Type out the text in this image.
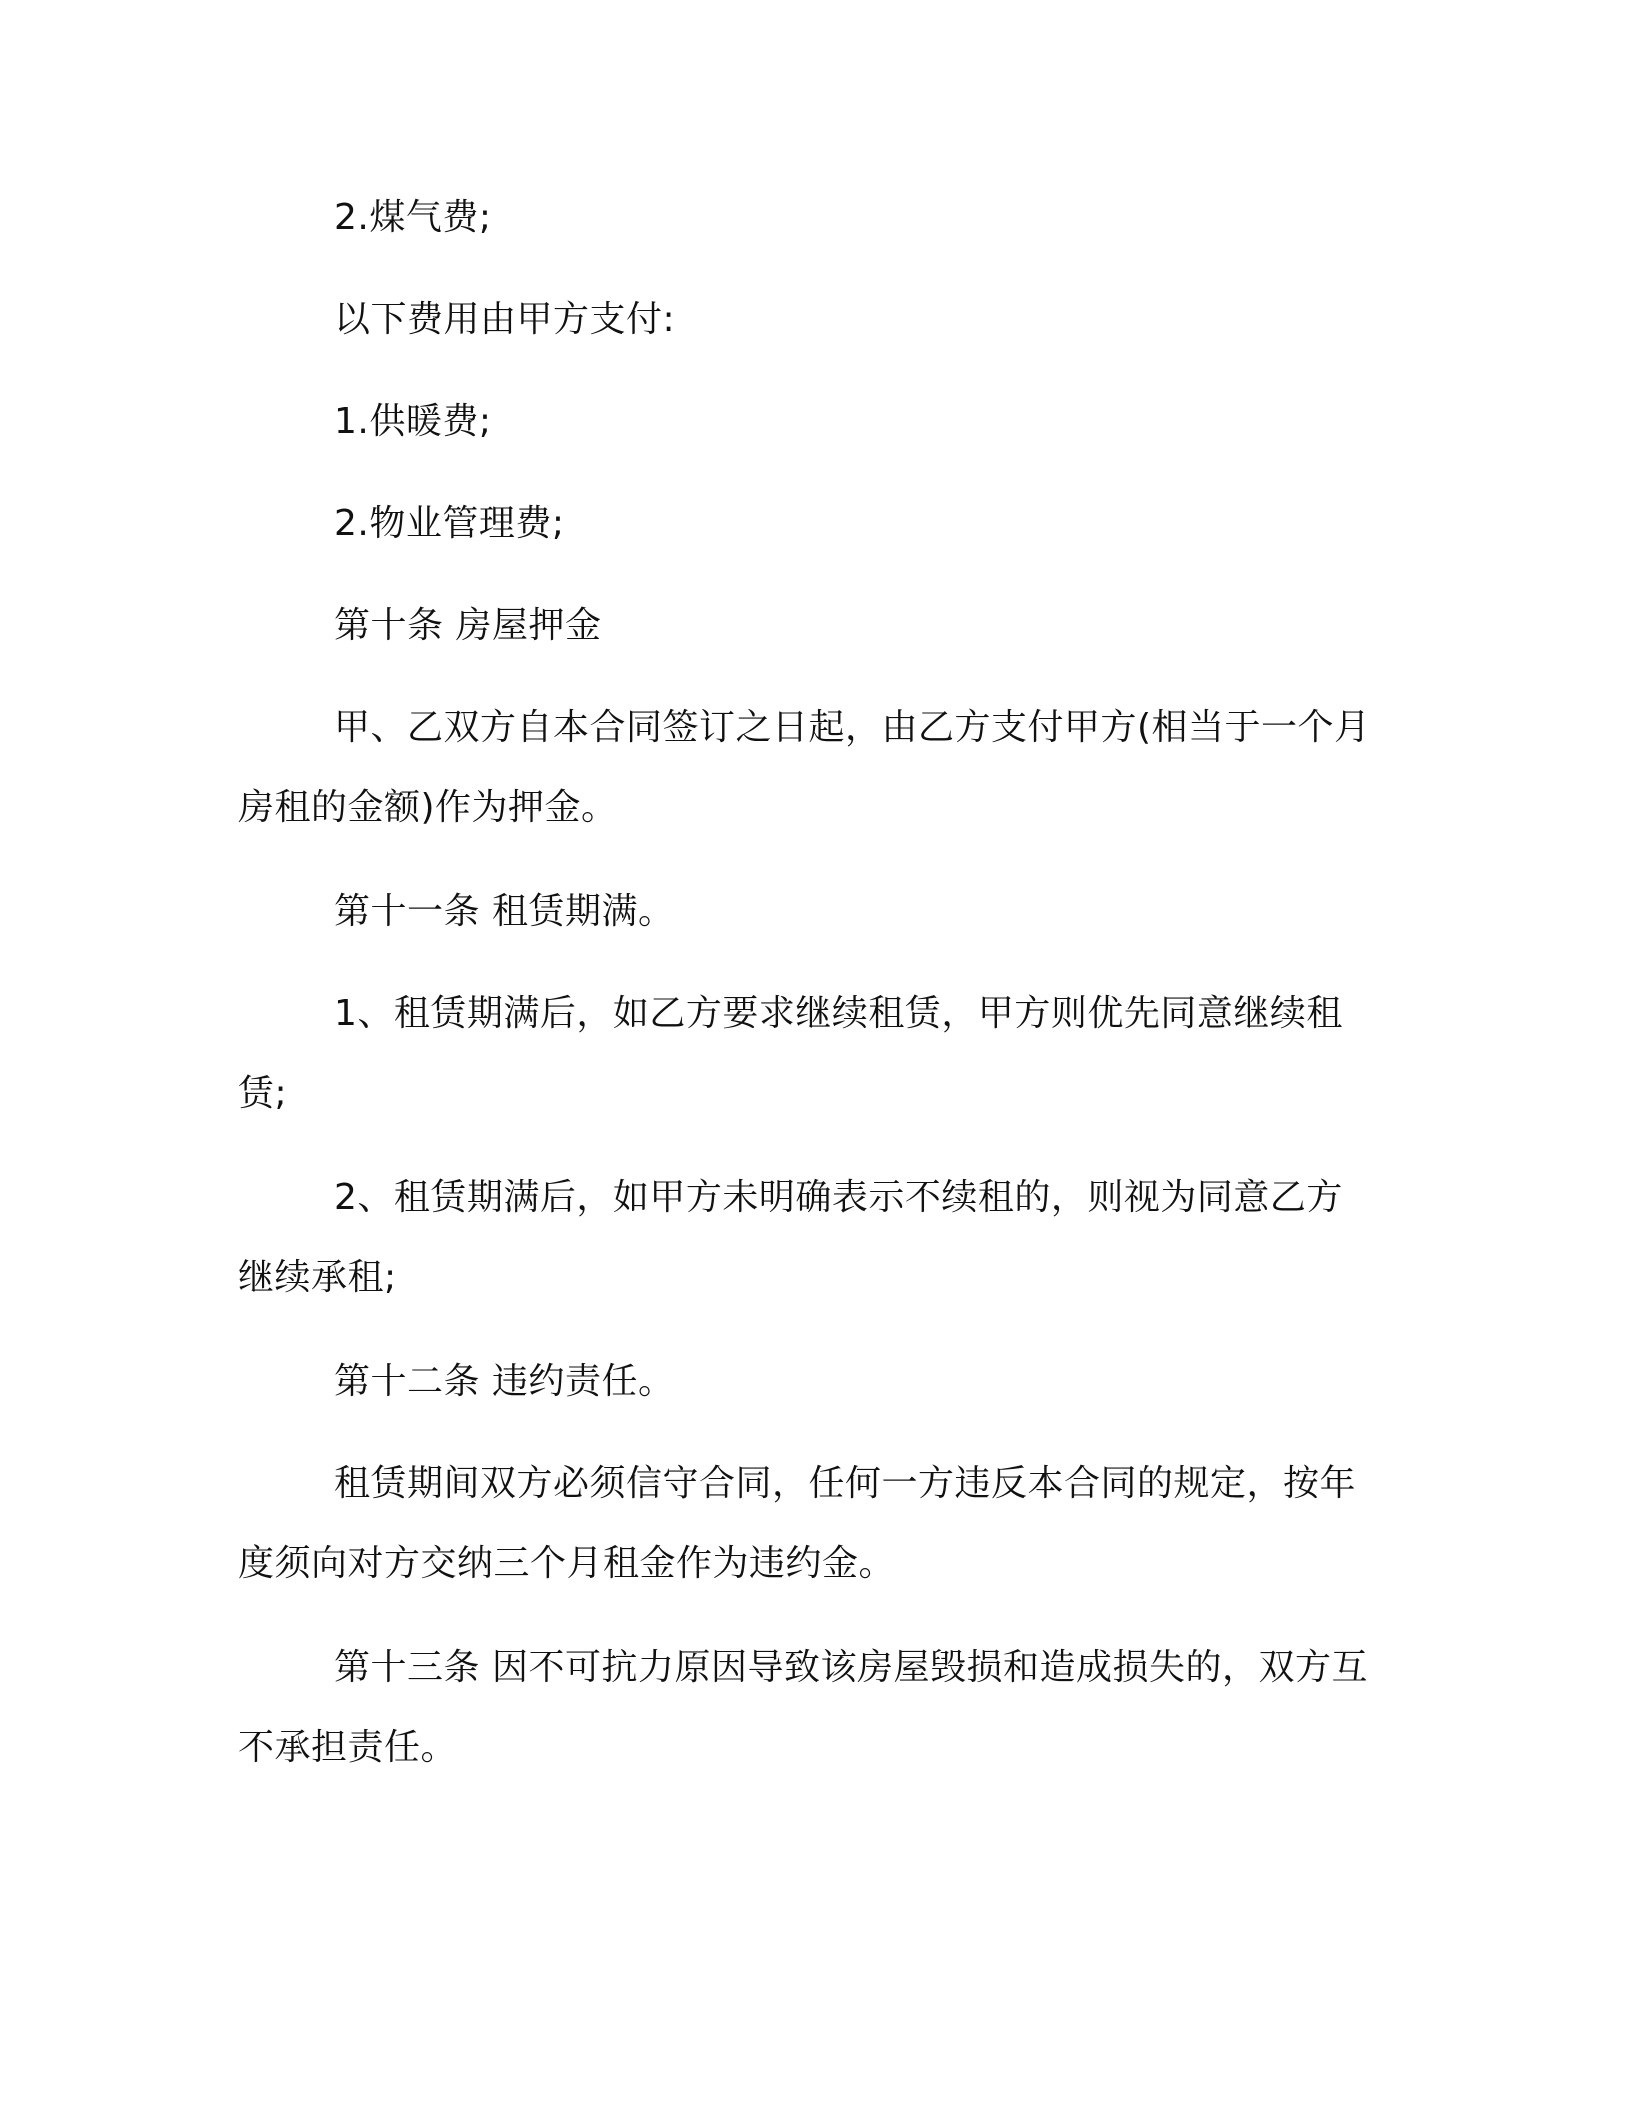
2.煤气费;
以下费用由甲方支付:
1.供暖费;
2.物业管理费;
第十条 房屋押金
甲、乙双方自本合同签订之日起，由乙方支付甲方(相当于一个月房租的金额)作为押金。
第十一条 租赁期满。
1、租赁期满后，如乙方要求继续租赁，甲方则优先同意继续租赁;
2、租赁期满后，如甲方未明确表示不续租的，则视为同意乙方继续承租;
第十二条 违约责任。
租赁期间双方必须信守合同，任何一方违反本合同的规定，按年度须向对方交纳三个月租金作为违约金。
第十三条 因不可抗力原因导致该房屋毁损和造成损失的，双方互不承担责任。
